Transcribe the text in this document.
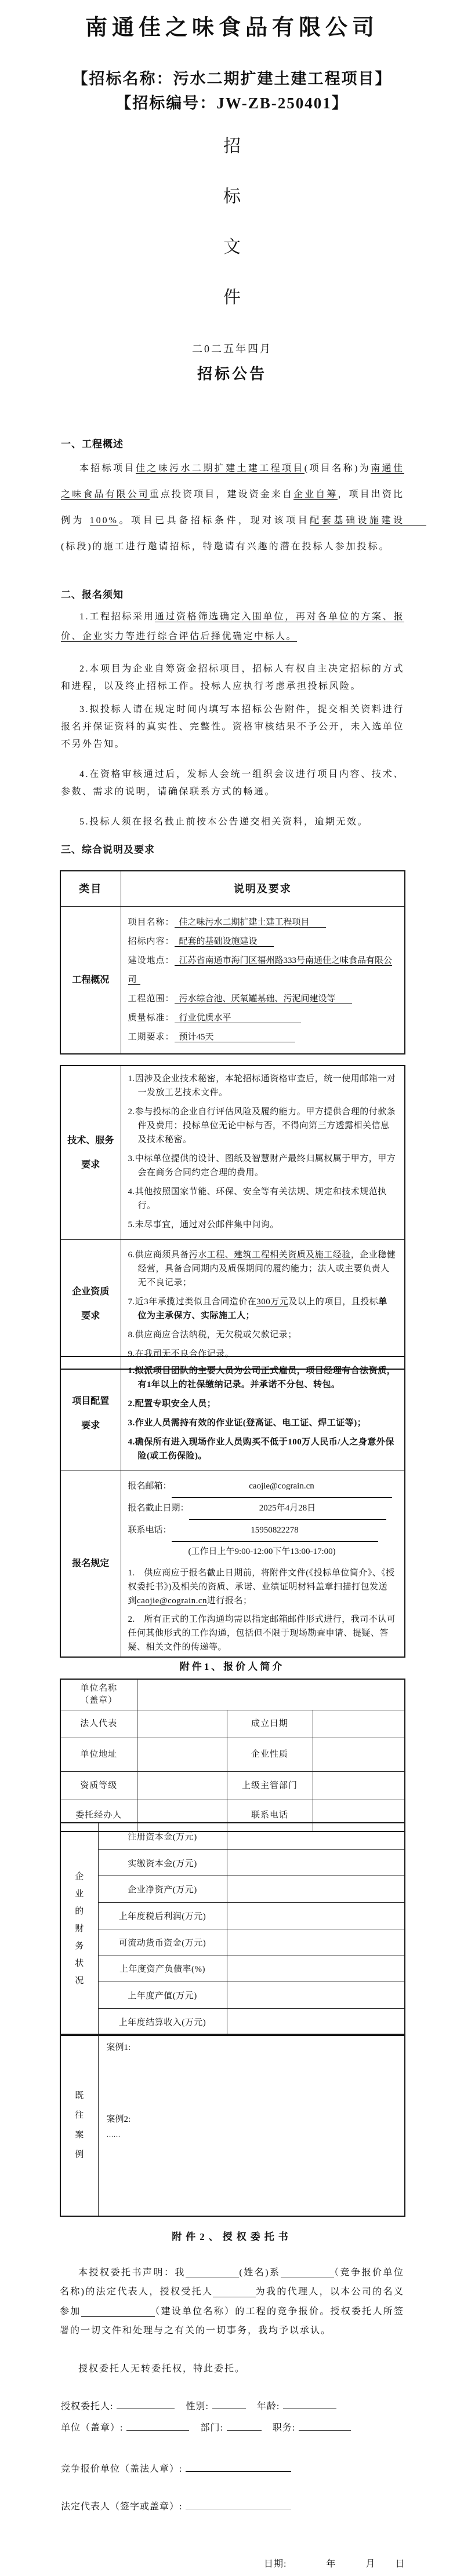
南通佳之味食品有限公司
【招标名称：污水二期扩建土建工程项目】
【招标编号：JW-ZB-250401】
招
标
文
件
二0二五年四月
招标公告
一、工程概述
本招标项目佳之味污水二期扩建土建工程项目(项目名称)为南通佳之味食品有限公司重点投资项目，建设资金来自企业自筹，项目出资比例为 100%。项目已具备招标条件，现对该项目配套基础设施建设　　(标段)的施工进行邀请招标，特邀请有兴趣的潜在投标人参加投标。
二、报名须知
1.工程招标采用通过资格筛选确定入围单位，再对各单位的方案、报价、企业实力等进行综合评估后择优确定中标人。
2.本项目为企业自筹资金招标项目，招标人有权自主决定招标的方式和进程，以及终止招标工作。投标人应执行考虑承担投标风险。
3.拟投标人请在规定时间内填写本招标公告附件，提交相关资料进行报名并保证资料的真实性、完整性。资格审核结果不予公开，未入选单位不另外告知。
4.在资格审核通过后，发标人会统一组织会议进行项目内容、技术、参数、需求的说明，请确保联系方式的畅通。
5.投标人须在报名截止前按本公告递交相关资料，逾期无效。
三、综合说明及要求
类目	说明及要求
工程概况	
项目名称： 佳之味污水二期扩建土建工程项目
招标内容： 配套的基础设施建设
建设地点： 江苏省南通市海门区福州路333号南通佳之味食品有限公司
工程范围： 污水综合池、厌氧罐基础、污泥间建设等
质量标准： 行业优质水平
工期要求： 预计45天
技术、服务
要求

1.因涉及企业技术秘密，本轮招标通资格审查后，统一使用邮箱一对一发放工艺技术文件。
2.参与投标的企业自行评估风险及履约能力。甲方提供合理的付款条件及费用；投标单位无论中标与否，不得向第三方透露相关信息及技术秘密。
3.中标单位提供的设计、图纸及智慧财产最终归属权属于甲方，甲方会在商务合同约定合理的费用。
4.其他按照国家节能、环保、安全等有关法规、规定和技术规范执行。
5.未尽事宜，通过对公邮件集中问询。

企业资质
要求

6.供应商须具备污水工程、建筑工程相关资质及施工经验，企业稳健经营，具备合同期内及质保期间的履约能力；法人或主要负责人无不良记录；
7.近3年承揽过类似且合同造价在300万元及以上的项目，且投标单位为主承保方、实际施工人；
8.供应商应合法纳税，无欠税或欠款记录；
9.在我司无不良合作记录。
项目配置
要求

1.拟派项目团队的主要人员为公司正式雇员，项目经理有合法资质，有1年以上的社保缴纳记录。并承诺不分包、转包。
2.配置专职安全人员；
3.作业人员需持有效的作业证(登高证、电工证、焊工证等)；
4.确保所有进入现场作业人员购买不低于100万人民币/人之身意外保险(或工伤保险)。

报名规定	
报名邮箱：	caojie@cograin.cn
报名截止日期：	2025年4月28日
联系电话：	15950822278
(工作日上午9:00-12:00下午13:00-17:00)
1.　供应商应于报名截止日期前，将附件文件(《投标单位简介》、《授权委托书》)及相关的资质、承诺、业绩证明材料盖章扫描打包发送到caojie@cograin.cn进行报名；
2.　所有正式的工作沟通均需以指定邮箱邮件形式进行，我司不认可任何其他形式的工作沟通，包括但不限于现场勘查申请、提疑、答疑、相关文件的传递等。
附件1、报价人简介
单位名称
（盖章）			

法人代表		成立日期	
单位地址		企业性质	
资质等级		上级主管部门	
委托经办人		联系电话	
企
业
的
财
务
状
况	注册资本金(万元)	
	实缴资本金(万元)	
	企业净资产(万元)	
	上年度税后利润(万元)	
	可流动货币资金(万元)	
	上年度资产负债率(%)	
	上年度产值(万元)	
	上年度结算收入(万元)	
既
往
案
例	
案例1:
案例2:
……
附件2、授权委托书
本授权委托书声明：我　　　　　	(姓名)系　　　　　	（竞争报价单位名称)的法定代表人，授权受托人　　　　	为我的代理人，以本公司的名义参加　　　　　　　	（建设单位名称）的工程的竞争报价。授权委托人所签署的一切文件和处理与之有关的一切事务，我均予以承认。
授权委托人无转委托权，特此委托。
授权委托人:	性别:	年龄:
单位（盖章）:	部门:	职务:
竞争报价单位（盖法人章）:
法定代表人（签字或盖章）:
日期:　　　　年　　　月　　日
